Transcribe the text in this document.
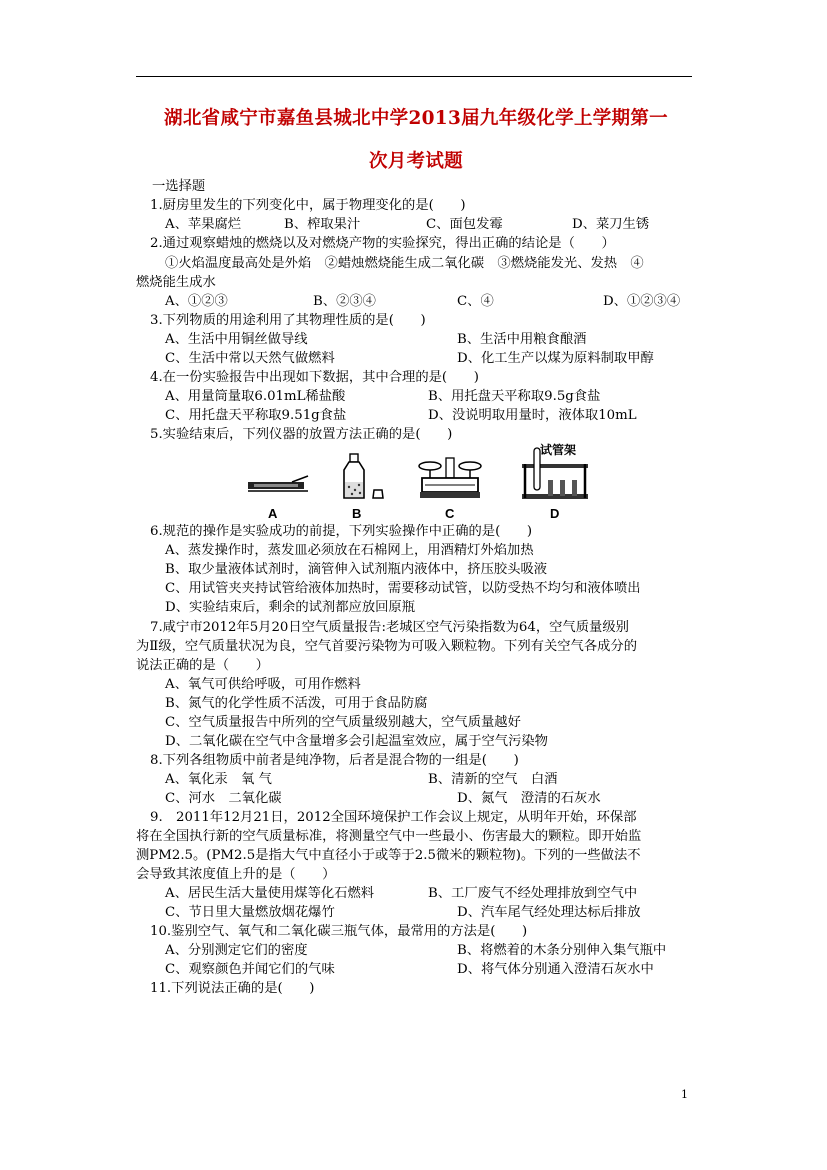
湖北省咸宁市嘉鱼县城北中学2013届九年级化学上学期第一
次月考试题
一选择题
1.厨房里发生的下列变化中，属于物理变化的是(　　)
A、苹果腐烂	B、榨取果汁	C、面包发霉	D、菜刀生锈
2.通过观察蜡烛的燃烧以及对燃烧产物的实验探究，得出正确的结论是（　　）
①火焰温度最高处是外焰　②蜡烛燃烧能生成二氧化碳　③燃烧能发光、发热　④
燃烧能生成水
A、①②③	B、②③④	C、④	D、①②③④
3.下列物质的用途利用了其物理性质的是(　　)
A、生活中用铜丝做导线	B、生活中用粮食酿酒
C、生活中常以天然气做燃料	D、化工生产以煤为原料制取甲醇
4.在一份实验报告中出现如下数据，其中合理的是(　　)
A、用量筒量取6.01mL稀盐酸	B、用托盘天平称取9.5g食盐
C、用托盘天平称取9.51g食盐	D、没说明取用量时，液体取10mL
5.实验结束后，下列仪器的放置方法正确的是(　　)
试管架
A	B	C	D
6.规范的操作是实验成功的前提，下列实验操作中正确的是(　　)
A、蒸发操作时，蒸发皿必须放在石棉网上，用酒精灯外焰加热
B、取少量液体试剂时，滴管伸入试剂瓶内液体中，挤压胶头吸液
C、用试管夹夹持试管给液体加热时，需要移动试管，以防受热不均匀和液体喷出
D、实验结束后，剩余的试剂都应放回原瓶
7.咸宁市2012年5月20日空气质量报告:老城区空气污染指数为64，空气质量级别
为Ⅱ级，空气质量状况为良，空气首要污染物为可吸入颗粒物。下列有关空气各成分的
说法正确的是（　　）
A、氧气可供给呼吸，可用作燃料
B、氮气的化学性质不活泼，可用于食品防腐
C、空气质量报告中所列的空气质量级别越大，空气质量越好
D、二氧化碳在空气中含量增多会引起温室效应，属于空气污染物
8.下列各组物质中前者是纯净物，后者是混合物的一组是(　　)
A、氧化汞　氧 气	B、清新的空气　白酒
C、河水　二氧化碳	D、氮气　澄清的石灰水
9.　2011年12月21日，2012全国环境保护工作会议上规定，从明年开始，环保部
将在全国执行新的空气质量标准，将测量空气中一些最小、伤害最大的颗粒。即开始监
测PM2.5。(PM2.5是指大气中直径小于或等于2.5微米的颗粒物)。下列的一些做法不
会导致其浓度值上升的是（　　）
A、居民生活大量使用煤等化石燃料	B、工厂废气不经处理排放到空气中
C、节日里大量燃放烟花爆竹	D、汽车尾气经处理达标后排放
10.鉴别空气、氧气和二氧化碳三瓶气体，最常用的方法是(　　)
A、分别测定它们的密度	B、将燃着的木条分别伸入集气瓶中
C、观察颜色并闻它们的气味	D、将气体分别通入澄清石灰水中
11.下列说法正确的是(　　)
1
